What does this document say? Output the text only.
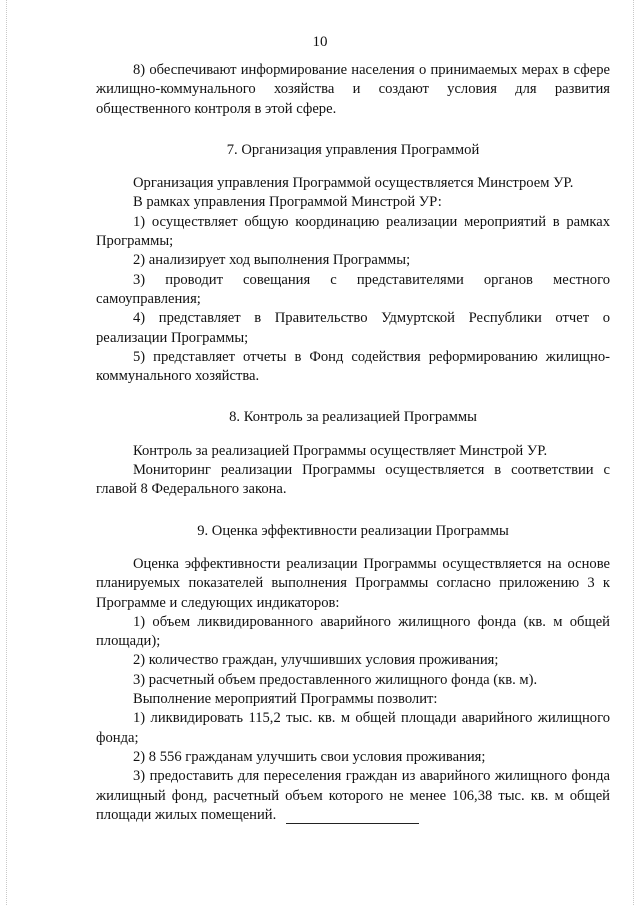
10

8) обеспечивают информирование населения о принимаемых мерах в сфере жилищно-коммунального хозяйства и создают условия для развития общественного контроля в этой сфере.

7. Организация управления Программой

Организация управления Программой осуществляется Минстроем УР.

В рамках управления Программой Минстрой УР:

1) осуществляет общую координацию реализации мероприятий в рамках Программы;

2) анализирует ход выполнения Программы;

3) проводит совещания с представителями органов местного самоуправления;

4) представляет в Правительство Удмуртской Республики отчет о реализации Программы;

5) представляет отчеты в Фонд содействия реформированию жилищно-коммунального хозяйства.

8. Контроль за реализацией Программы

Контроль за реализацией Программы осуществляет Минстрой УР.

Мониторинг реализации Программы осуществляется в соответствии с главой 8 Федерального закона.

9. Оценка эффективности реализации Программы

Оценка эффективности реализации Программы осуществляется на основе планируемых показателей выполнения Программы согласно приложению 3 к Программе и следующих индикаторов:

1) объем ликвидированного аварийного жилищного фонда (кв. м общей площади);

2) количество граждан, улучшивших условия проживания;

3) расчетный объем предоставленного жилищного фонда (кв. м).

Выполнение мероприятий Программы позволит:

1) ликвидировать 115,2 тыс. кв. м общей площади аварийного жилищного фонда;

2) 8 556 гражданам улучшить свои условия проживания;

3) предоставить для переселения граждан из аварийного жилищного фонда жилищный фонд, расчетный объем которого не менее 106,38 тыс. кв. м общей площади жилых помещений.
